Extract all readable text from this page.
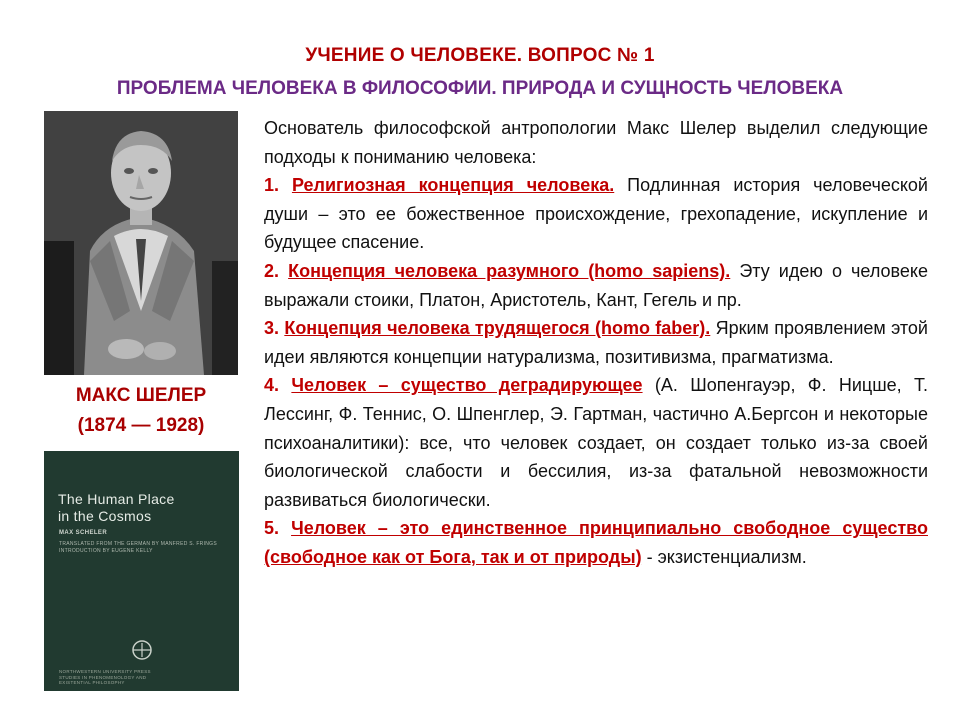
УЧЕНИЕ О ЧЕЛОВЕКЕ. ВОПРОС № 1
ПРОБЛЕМА ЧЕЛОВЕКА В ФИЛОСОФИИ. ПРИРОДА И СУЩНОСТЬ ЧЕЛОВЕКА
МАКС ШЕЛЕР
(1874 — 1928)
The Human Place
in the Cosmos
MAX SCHELER
TRANSLATED FROM THE GERMAN BY MANFRED S. FRINGS
INTRODUCTION BY EUGENE KELLY
NORTHWESTERN UNIVERSITY PRESS
STUDIES IN PHENOMENOLOGY AND
EXISTENTIAL PHILOSOPHY

Основатель философской антропологии Макс Шелер выделил следующие подходы к пониманию человека:

1. Религиозная концепция человека. Подлинная история человеческой души – это ее божественное происхождение, грехопадение, искупление и будущее спасение.

2. Концепция человека разумного (homo sapiens). Эту идею о человеке выражали стоики, Платон, Аристотель, Кант, Гегель и пр.

3. Концепция человека трудящегося (homo faber). Ярким проявлением этой идеи являются концепции натурализма, позитивизма, прагматизма.

4. Человек – существо деградирующее (А. Шопенгауэр, Ф. Ницше, Т. Лессинг, Ф. Теннис, О. Шпенглер, Э. Гартман, частично А.Бергсон и некоторые психоаналитики): все, что человек создает, он создает только из-за своей биологической слабости и бессилия, из-за фатальной невозможности развиваться биологически.

5. Человек – это единственное принципиально свободное существо (свободное как от Бога, так и от природы) - экзистенциализм.
